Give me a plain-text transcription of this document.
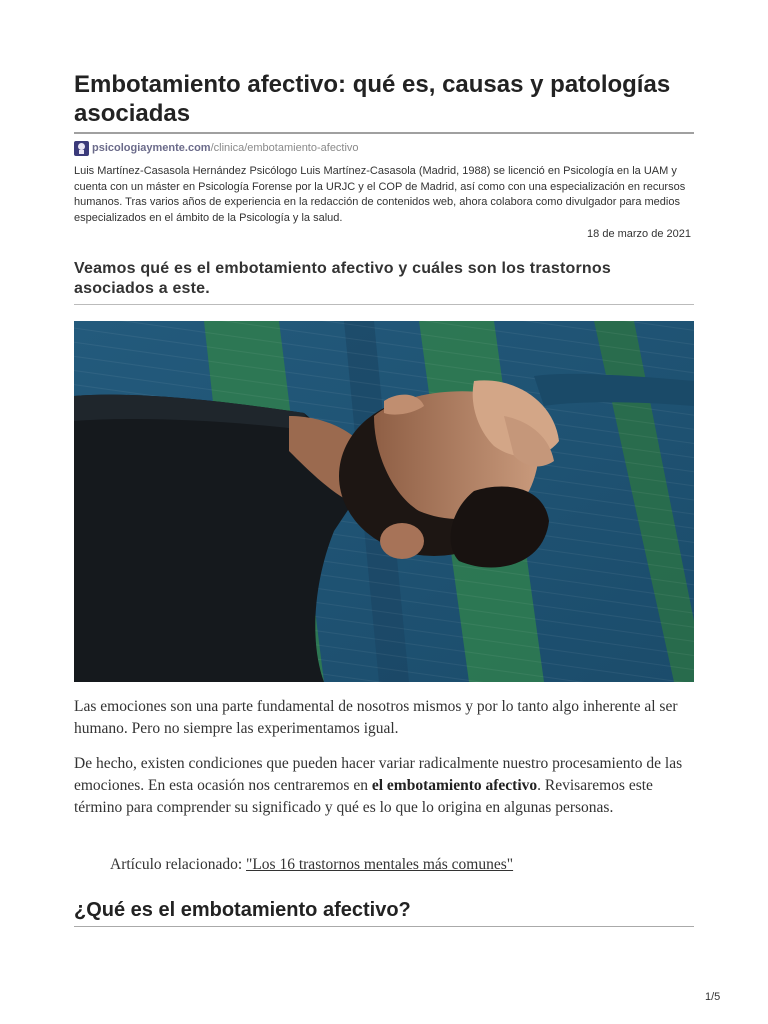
Embotamiento afectivo: qué es, causas y patologías asociadas
psicologiaymente.com/clinica/embotamiento-afectivo

Luis Martínez-Casasola Hernández Psicólogo Luis Martínez-Casasola (Madrid, 1988) se licenció en Psicología en la UAM y cuenta con un máster en Psicología Forense por la URJC y el COP de Madrid, así como con una especialización en recursos humanos. Tras varios años de experiencia en la redacción de contenidos web, ahora colabora como divulgador para medios especializados en el ámbito de la Psicología y la salud.

18 de marzo de 2021
Veamos qué es el embotamiento afectivo y cuáles son los trastornos asociados a este.

Las emociones son una parte fundamental de nosotros mismos y por lo tanto algo inherente al ser humano. Pero no siempre las experimentamos igual.

De hecho, existen condiciones que pueden hacer variar radicalmente nuestro procesamiento de las emociones. En esta ocasión nos centraremos en el embotamiento afectivo. Revisaremos este término para comprender su significado y qué es lo que lo origina en algunas personas.

Artículo relacionado: "Los 16 trastornos mentales más comunes"

¿Qué es el embotamiento afectivo?
1/5
